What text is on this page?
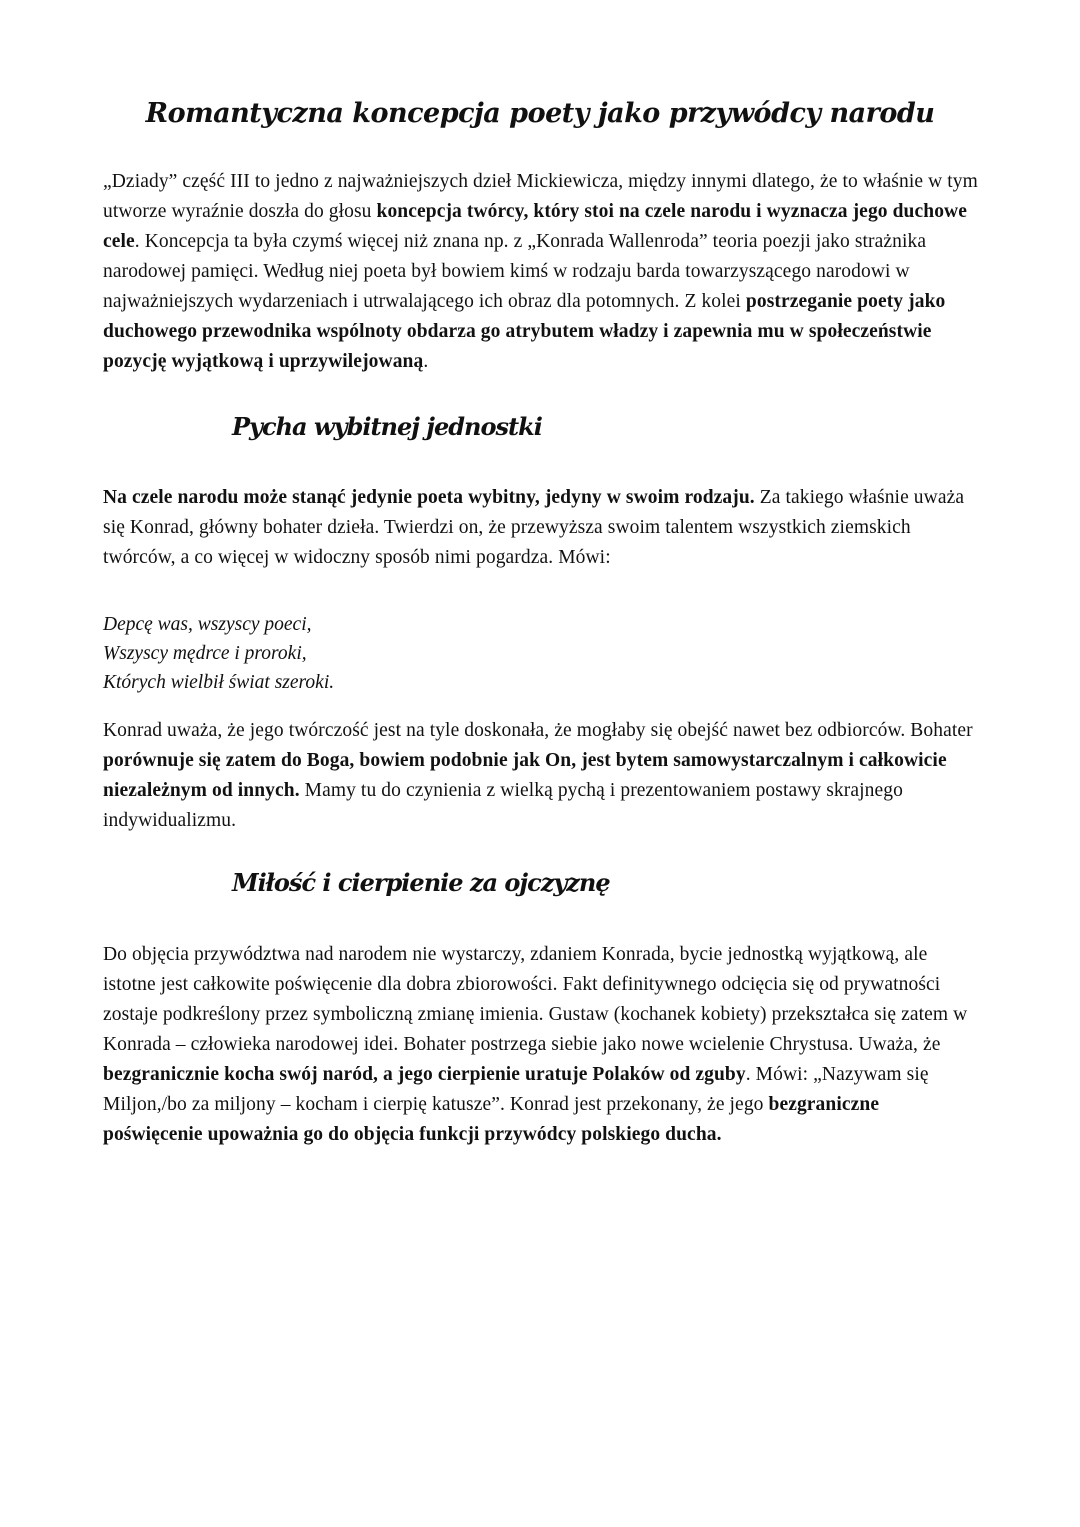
Romantyczna koncepcja poety jako przywódcy narodu

„Dziady” część III to jedno z najważniejszych dzieł Mickiewicza, między innymi dlatego, że to właśnie w tym utworze wyraźnie doszła do głosu koncepcja twórcy, który stoi na czele narodu i wyznacza jego duchowe cele. Koncepcja ta była czymś więcej niż znana np. z „Konrada Wallenroda” teoria poezji jako strażnika narodowej pamięci. Według niej poeta był bowiem kimś w rodzaju barda towarzyszącego narodowi w najważniejszych wydarzeniach i utrwalającego ich obraz dla potomnych. Z kolei postrzeganie poety jako duchowego przewodnika wspólnoty obdarza go atrybutem władzy i zapewnia mu w społeczeństwie pozycję wyjątkową i uprzywilejowaną.

Pycha wybitnej jednostki

Na czele narodu może stanąć jedynie poeta wybitny, jedyny w swoim rodzaju. Za takiego właśnie uważa się Konrad, główny bohater dzieła. Twierdzi on, że przewyższa swoim talentem wszystkich ziemskich twórców, a co więcej w widoczny sposób nimi pogardza. Mówi:

Depcę was, wszyscy poeci,
Wszyscy mędrce i proroki,
Których wielbił świat szeroki.

Konrad uważa, że jego twórczość jest na tyle doskonała, że mogłaby się obejść nawet bez odbiorców. Bohater porównuje się zatem do Boga, bowiem podobnie jak On, jest bytem samowystarczalnym i całkowicie niezależnym od innych. Mamy tu do czynienia z wielką pychą i prezentowaniem postawy skrajnego indywidualizmu.

Miłość i cierpienie za ojczyznę

Do objęcia przywództwa nad narodem nie wystarczy, zdaniem Konrada, bycie jednostką wyjątkową, ale istotne jest całkowite poświęcenie dla dobra zbiorowości. Fakt definitywnego odcięcia się od prywatności zostaje podkreślony przez symboliczną zmianę imienia. Gustaw (kochanek kobiety) przekształca się zatem w Konrada – człowieka narodowej idei. Bohater postrzega siebie jako nowe wcielenie Chrystusa. Uważa, że bezgranicznie kocha swój naród, a jego cierpienie uratuje Polaków od zguby. Mówi: „Nazywam się Miljon,/bo za miljony – kocham i cierpię katusze”. Konrad jest przekonany, że jego bezgraniczne poświęcenie upoważnia go do objęcia funkcji przywódcy polskiego ducha.
